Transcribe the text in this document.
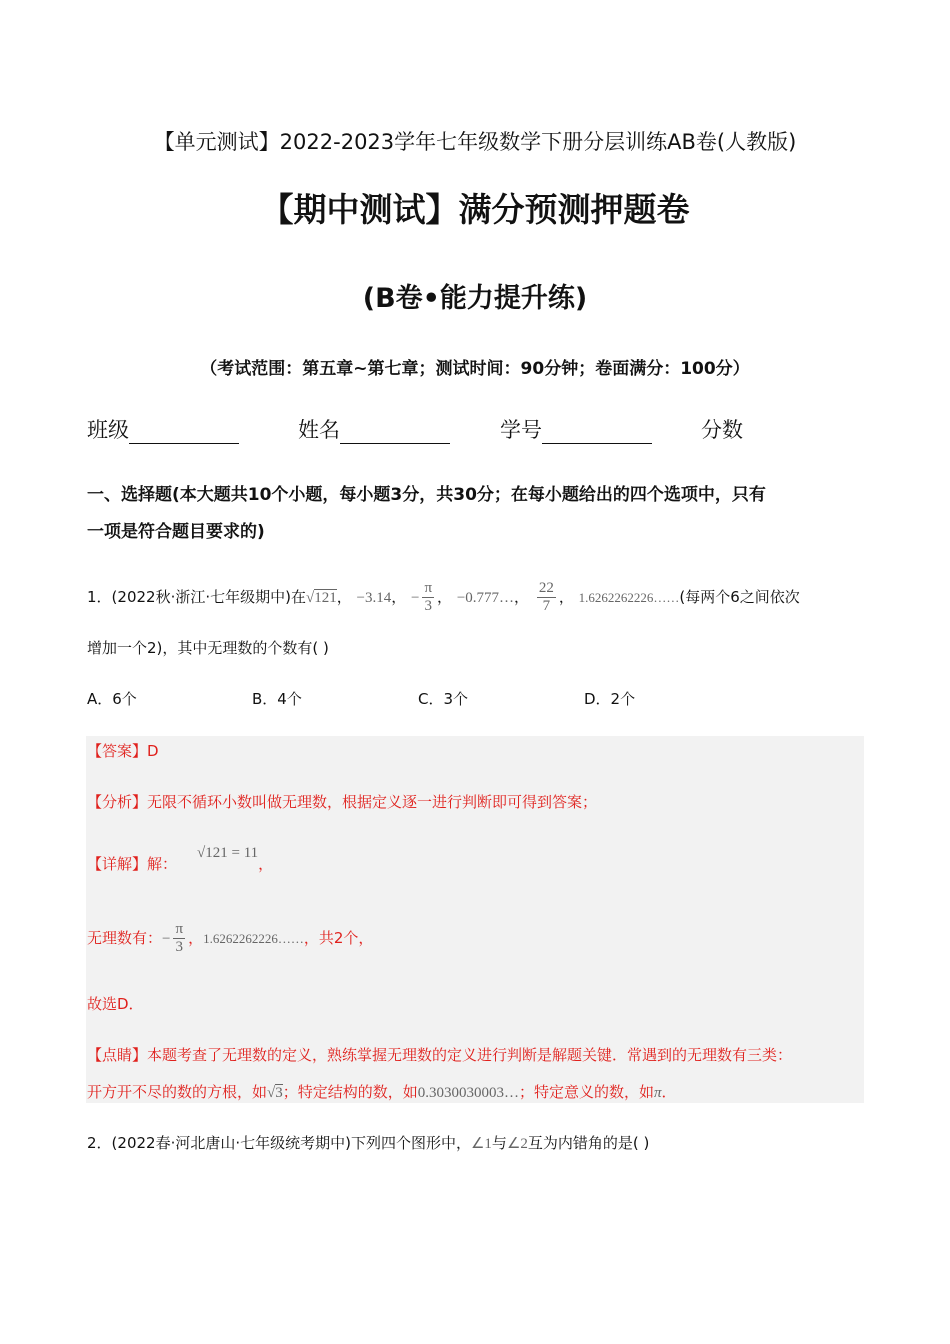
【单元测试】2022-2023学年七年级数学下册分层训练AB卷(人教版)
【期中测试】满分预测押题卷
(B卷•能力提升练)
（考试范围：第五章~第七章；测试时间：90分钟；卷面满分：100分）
班级	姓名	学号	分数
一、选择题(本大题共10个小题，每小题3分，共30分；在每小题给出的四个选项中，只有
一项是符合题目要求的)
1．(2022秋·浙江·七年级期中)在√121， −3.14， − $\frac{\pi}{3}$ ， −0.777…， $\frac{22}{7}$ ， 1.6262262226……(每两个6之间依次
增加一个2)，其中无理数的个数有( )
A．6个	B．4个	C．3个	D．2个
【答案】D
【分析】无限不循环小数叫做无理数，根据定义逐一进行判断即可得到答案；
【详解】解：√121 = 11，
无理数有：− $\frac{\pi}{3}$ ，1.6262262226……，共2个，
故选D．
【点睛】本题考查了无理数的定义，熟练掌握无理数的定义进行判断是解题关键．常遇到的无理数有三类：
开方开不尽的数的方根，如√3；特定结构的数，如0.3030030003…；特定意义的数，如π．
2．(2022春·河北唐山·七年级统考期中)下列四个图形中，∠1与∠2互为内错角的是( )
